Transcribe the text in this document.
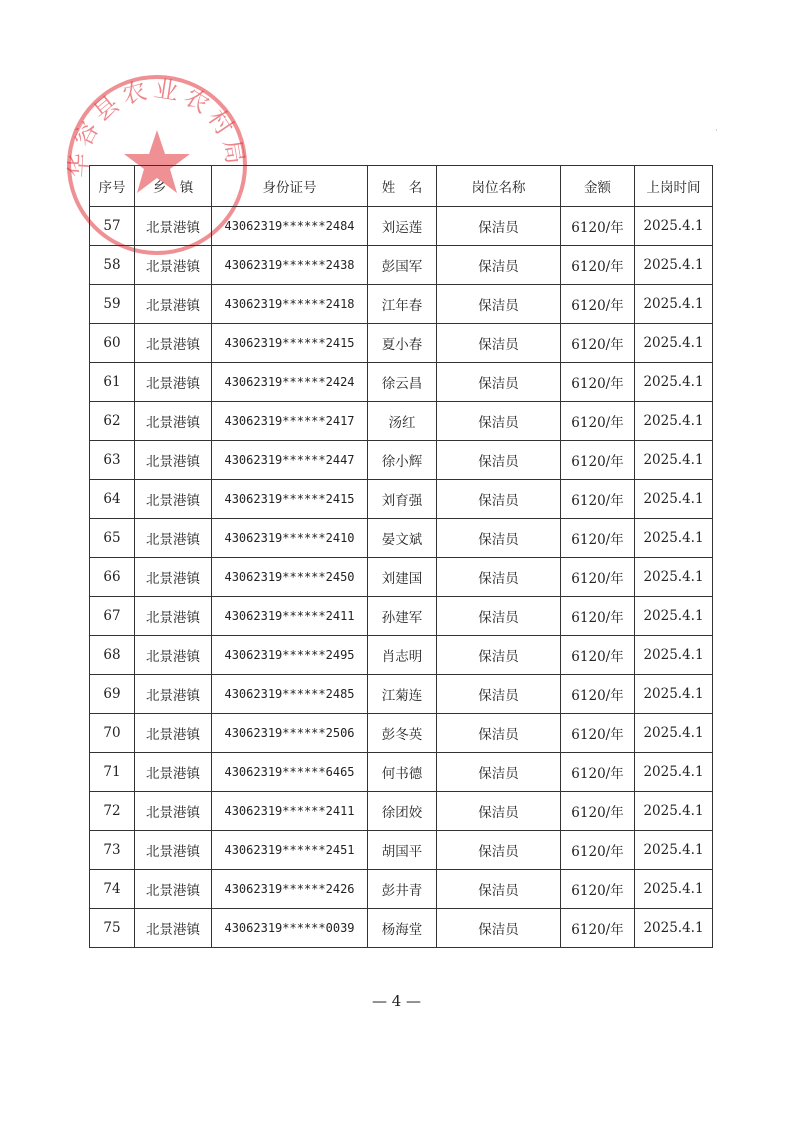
华容县农业农村局
·
序号	乡　镇	身份证号	姓　名	岗位名称	金额	上岗时间
57	北景港镇	43062319******2484	刘运莲	保洁员	6120/年	2025.4.1
58	北景港镇	43062319******2438	彭国军	保洁员	6120/年	2025.4.1
59	北景港镇	43062319******2418	江年春	保洁员	6120/年	2025.4.1
60	北景港镇	43062319******2415	夏小春	保洁员	6120/年	2025.4.1
61	北景港镇	43062319******2424	徐云昌	保洁员	6120/年	2025.4.1
62	北景港镇	43062319******2417	汤红	保洁员	6120/年	2025.4.1
63	北景港镇	43062319******2447	徐小辉	保洁员	6120/年	2025.4.1
64	北景港镇	43062319******2415	刘育强	保洁员	6120/年	2025.4.1
65	北景港镇	43062319******2410	晏文斌	保洁员	6120/年	2025.4.1
66	北景港镇	43062319******2450	刘建国	保洁员	6120/年	2025.4.1
67	北景港镇	43062319******2411	孙建军	保洁员	6120/年	2025.4.1
68	北景港镇	43062319******2495	肖志明	保洁员	6120/年	2025.4.1
69	北景港镇	43062319******2485	江菊连	保洁员	6120/年	2025.4.1
70	北景港镇	43062319******2506	彭冬英	保洁员	6120/年	2025.4.1
71	北景港镇	43062319******6465	何书德	保洁员	6120/年	2025.4.1
72	北景港镇	43062319******2411	徐团姣	保洁员	6120/年	2025.4.1
73	北景港镇	43062319******2451	胡国平	保洁员	6120/年	2025.4.1
74	北景港镇	43062319******2426	彭井青	保洁员	6120/年	2025.4.1
75	北景港镇	43062319******0039	杨海堂	保洁员	6120/年	2025.4.1
— 4 —
